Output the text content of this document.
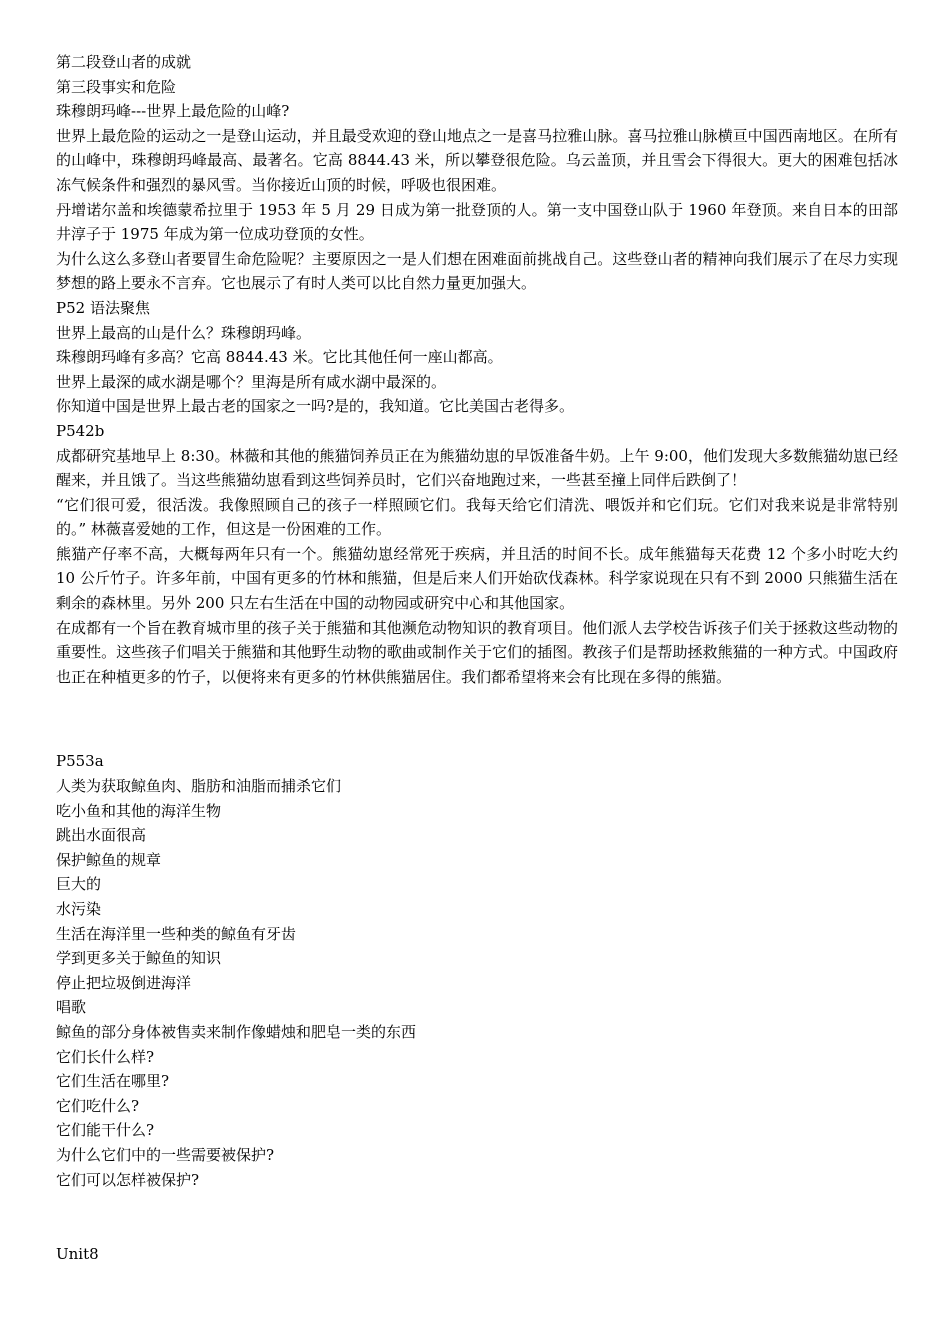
第二段登山者的成就

第三段事实和危险

珠穆朗玛峰---世界上最危险的山峰?

世界上最危险的运动之一是登山运动，并且最受欢迎的登山地点之一是喜马拉雅山脉。喜马拉雅山脉横亘中国西南地区。在所有的山峰中，珠穆朗玛峰最高、最著名。它高 8844.43 米，所以攀登很危险。乌云盖顶，并且雪会下得很大。更大的困难包括冰冻气候条件和强烈的暴风雪。当你接近山顶的时候，呼吸也很困难。

丹增诺尔盖和埃德蒙希拉里于 1953 年 5 月 29 日成为第一批登顶的人。第一支中国登山队于 1960 年登顶。来自日本的田部井淳子于 1975 年成为第一位成功登顶的女性。

为什么这么多登山者要冒生命危险呢？主要原因之一是人们想在困难面前挑战自己。这些登山者的精神向我们展示了在尽力实现梦想的路上要永不言弃。它也展示了有时人类可以比自然力量更加强大。

P52 语法聚焦

世界上最高的山是什么？珠穆朗玛峰。

珠穆朗玛峰有多高？它高 8844.43 米。它比其他任何一座山都高。

世界上最深的咸水湖是哪个？里海是所有咸水湖中最深的。

你知道中国是世界上最古老的国家之一吗?是的，我知道。它比美国古老得多。

P542b

成都研究基地早上 8:30。林薇和其他的熊猫饲养员正在为熊猫幼崽的早饭准备牛奶。上午 9:00，他们发现大多数熊猫幼崽已经醒来，并且饿了。当这些熊猫幼崽看到这些饲养员时，它们兴奋地跑过来，一些甚至撞上同伴后跌倒了！

“它们很可爱，很活泼。我像照顾自己的孩子一样照顾它们。我每天给它们清洗、喂饭并和它们玩。它们对我来说是非常特别的。” 林薇喜爱她的工作，但这是一份困难的工作。

熊猫产仔率不高，大概每两年只有一个。熊猫幼崽经常死于疾病，并且活的时间不长。成年熊猫每天花费 12 个多小时吃大约 10 公斤竹子。许多年前，中国有更多的竹林和熊猫，但是后来人们开始砍伐森林。科学家说现在只有不到 2000 只熊猫生活在剩余的森林里。另外 200 只左右生活在中国的动物园或研究中心和其他国家。

在成都有一个旨在教育城市里的孩子关于熊猫和其他濒危动物知识的教育项目。他们派人去学校告诉孩子们关于拯救这些动物的重要性。这些孩子们唱关于熊猫和其他野生动物的歌曲或制作关于它们的插图。教孩子们是帮助拯救熊猫的一种方式。中国政府也正在种植更多的竹子，以便将来有更多的竹林供熊猫居住。我们都希望将来会有比现在多得的熊猫。

P553a

人类为获取鲸鱼肉、脂肪和油脂而捕杀它们

吃小鱼和其他的海洋生物

跳出水面很高

保护鲸鱼的规章

巨大的

水污染

生活在海洋里一些种类的鲸鱼有牙齿

学到更多关于鲸鱼的知识

停止把垃圾倒进海洋

唱歌

鲸鱼的部分身体被售卖来制作像蜡烛和肥皂一类的东西

它们长什么样?

它们生活在哪里?

它们吃什么?

它们能干什么?

为什么它们中的一些需要被保护?

它们可以怎样被保护?

Unit8
